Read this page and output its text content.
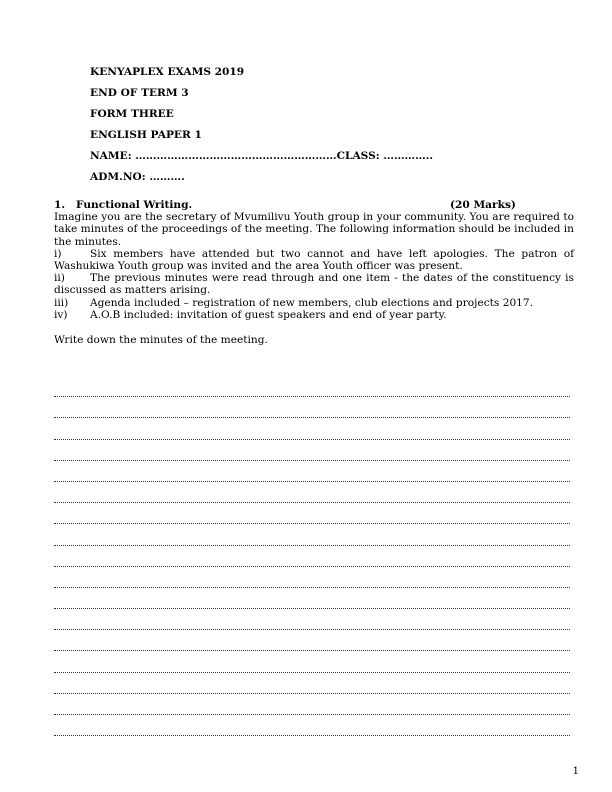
KENYAPLEX EXAMS 2019
END OF TERM 3
FORM THREE
ENGLISH PAPER 1
NAME: …………………………………………………CLASS: …………..
ADM.NO: ……….
1. Functional Writing.	(20 Marks)

Imagine you are the secretary of Mvumilivu Youth group in your community. You are required to take minutes of the proceedings of the meeting. The following information should be included in the minutes.

i)	Six members have attended but two cannot and have left apologies. The patron of Washukiwa Youth group was invited and the area Youth officer was present.
ii) The previous minutes were read through and one item - the dates of the constituency is discussed as matters arising.
iii) Agenda included – registration of new members, club elections and projects 2017.
iv) A.O.B included: invitation of guest speakers and end of year party.
Write down the minutes of the meeting.
1
